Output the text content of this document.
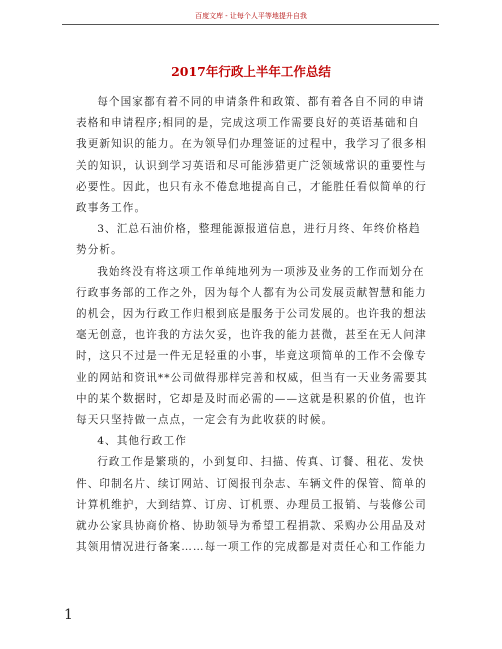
百度文库 - 让每个人平等地提升自我
2017年行政上半年工作总结

每个国家都有着不同的申请条件和政策、都有着各自不同的申请表格和申请程序;相同的是，完成这项工作需要良好的英语基础和自我更新知识的能力。在为领导们办理签证的过程中，我学习了很多相关的知识，认识到学习英语和尽可能涉猎更广泛领域常识的重要性与必要性。因此，也只有永不倦怠地提高自己，才能胜任看似简单的行政事务工作。

3、汇总石油价格，整理能源报道信息，进行月终、年终价格趋势分析。

我始终没有将这项工作单纯地列为一项涉及业务的工作而划分在行政事务部的工作之外，因为每个人都有为公司发展贡献智慧和能力的机会，因为行政工作归根到底是服务于公司发展的。也许我的想法毫无创意，也许我的方法欠妥，也许我的能力甚微，甚至在无人问津时，这只不过是一件无足轻重的小事，毕竟这项简单的工作不会像专业的网站和资讯**公司做得那样完善和权威，但当有一天业务需要其中的某个数据时，它却是及时而必需的——这就是积累的价值，也许每天只坚持做一点点，一定会有为此收获的时候。

4、其他行政工作

行政工作是繁琐的，小到复印、扫描、传真、订餐、租花、发快件、印制名片、续订网站、订阅报刊杂志、车辆文件的保管、简单的计算机维护，大到结算、订房、订机票、办理员工报销、与装修公司就办公家具协商价格、协助领导为希望工程捐款、采购办公用品及对其领用情况进行备案……每一项工作的完成都是对责任心和工作能力

1
